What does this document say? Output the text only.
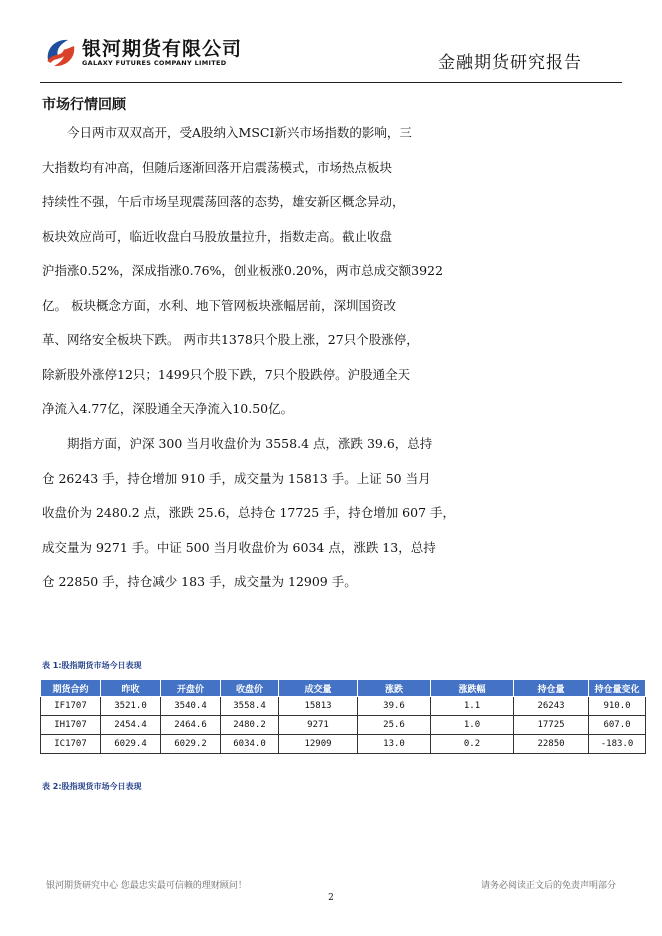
银河期货有限公司
GALAXY FUTURES COMPANY LIMITED	金融期货研究报告
市场行情回顾
　　今日两市双双高开，受A股纳入MSCI新兴市场指数的影响，三
大指数均有冲高，但随后逐渐回落开启震荡模式，市场热点板块
持续性不强，午后市场呈现震荡回落的态势，雄安新区概念异动，
板块效应尚可，临近收盘白马股放量拉升，指数走高。截止收盘
沪指涨0.52%，深成指涨0.76%，创业板涨0.20%，两市总成交额3922
亿。 板块概念方面，水利、地下管网板块涨幅居前，深圳国资改
革、网络安全板块下跌。 两市共1378只个股上涨，27只个股涨停，
除新股外涨停12只；1499只个股下跌，7只个股跌停。沪股通全天
净流入4.77亿，深股通全天净流入10.50亿。
　　期指方面，沪深 300 当月收盘价为 3558.4 点，涨跌 39.6，总持
仓 26243 手，持仓增加 910 手，成交量为 15813 手。上证 50 当月
收盘价为 2480.2 点，涨跌 25.6，总持仓 17725 手，持仓增加 607 手，
成交量为 9271 手。中证 500 当月收盘价为 6034 点，涨跌 13，总持
仓 22850 手，持仓减少 183 手，成交量为 12909 手。
表 1:股指期货市场今日表现
期货合约	昨收	开盘价	收盘价	成交量	涨跌	涨跌幅	持仓量	持仓量变化
IF1707	3521.0	3540.4	3558.4	15813	39.6	1.1	26243	910.0
IH1707	2454.4	2464.6	2480.2	9271	25.6	1.0	17725	607.0
IC1707	6029.4	6029.2	6034.0	12909	13.0	0.2	22850	-183.0
表 2:股指现货市场今日表现
银河期货研究中心 您最忠实最可信赖的理财顾问！	请务必阅读正文后的免责声明部分
2
